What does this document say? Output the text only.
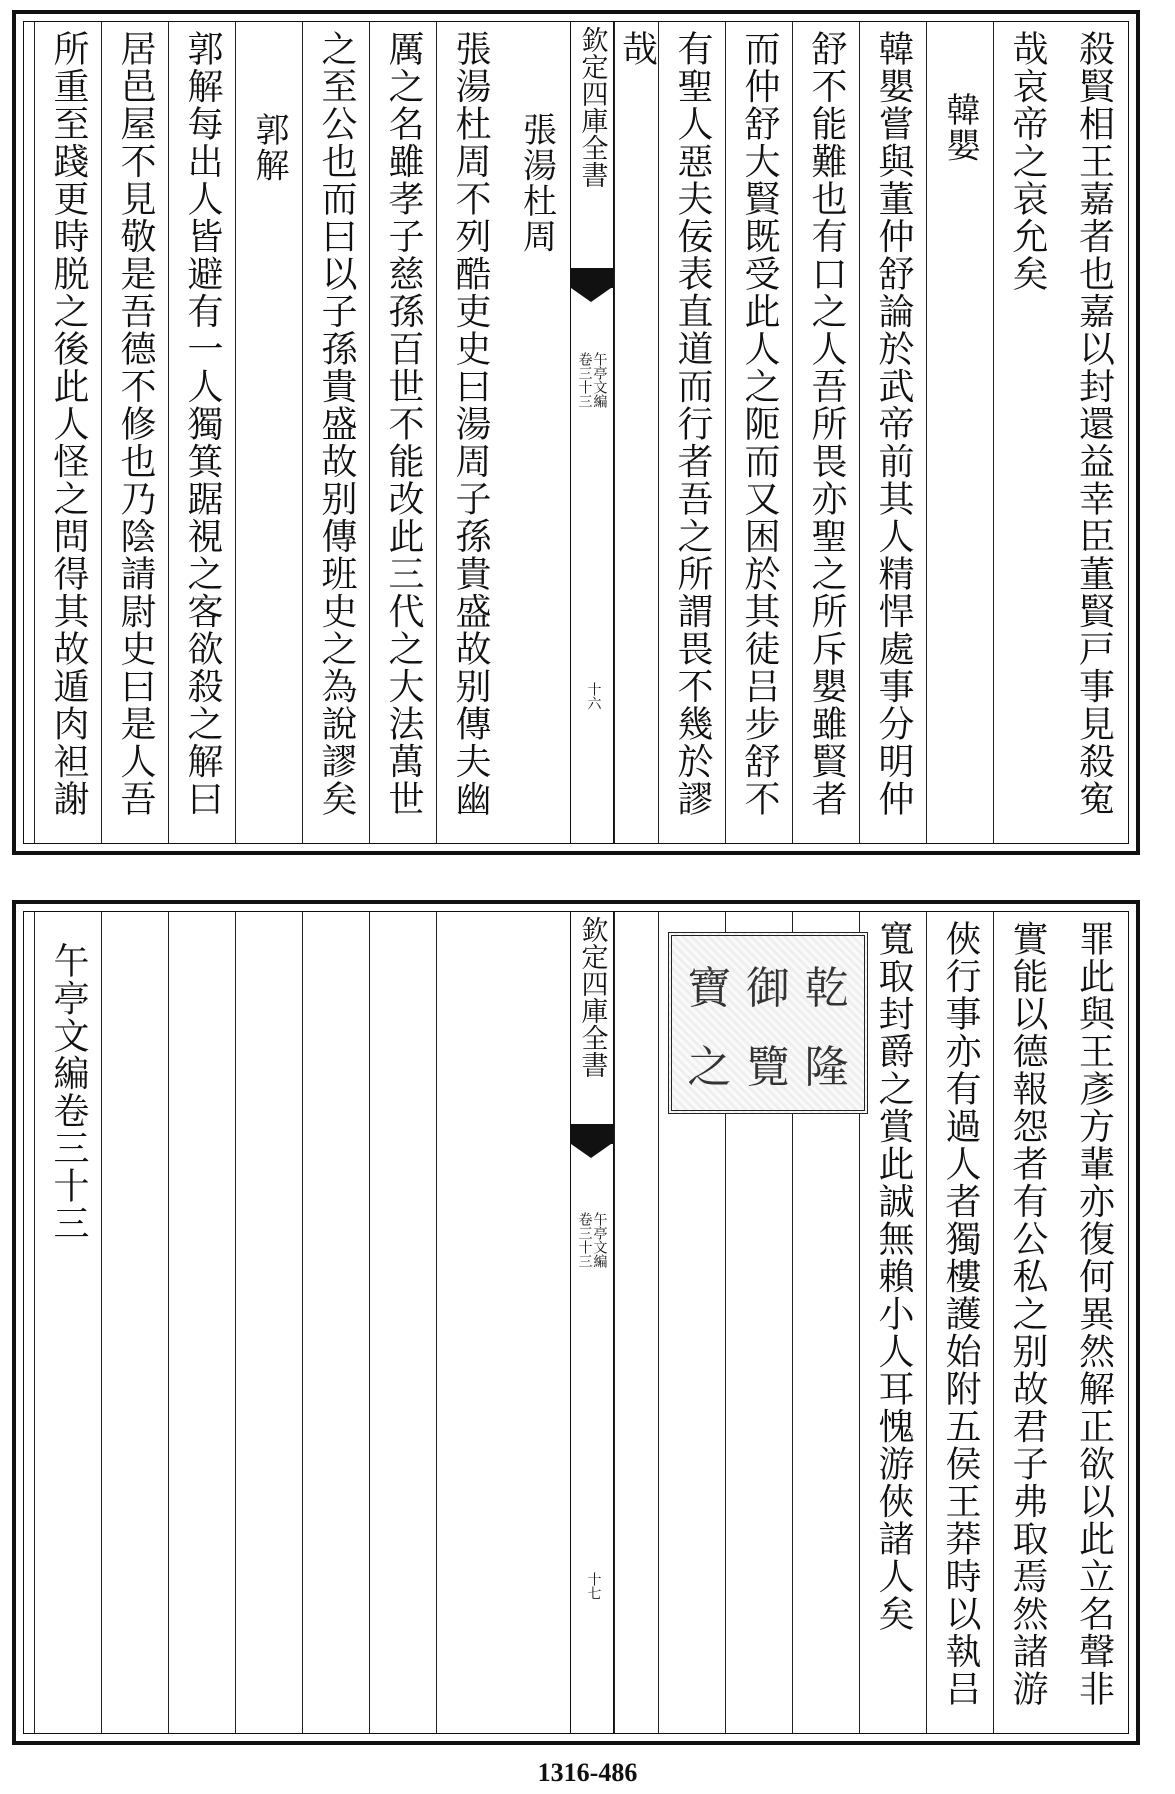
殺賢相王嘉者也嘉以封還益幸臣董賢戸事見殺寃
哉哀帝之哀允矣
韓嬰
韓嬰嘗與董仲舒論於武帝前其人精悍處事分明仲
舒不能難也有口之人吾所畏亦聖之所斥嬰雖賢者
而仲舒大賢既受此人之阨而又困於其徒吕步舒不
有聖人惡夫佞表直道而行者吾之所謂畏不幾於謬
哉
欽定四庫全書
午亭文編
卷三十三
十六
張湯杜周
張湯杜周不列酷吏史曰湯周子孫貴盛故别傳夫幽
厲之名雖孝子慈孫百世不能改此三代之大法萬世
之至公也而曰以子孫貴盛故别傳班史之為說謬矣
郭解
郭解每出人皆避有一人獨箕踞視之客欲殺之解曰
居邑屋不見敬是吾德不修也乃陰請尉史曰是人吾
所重至踐更時脱之後此人怪之問得其故遁肉袒謝
罪此與王彥方輩亦復何異然解正欲以此立名聲非
實能以德報怨者有公私之别故君子弗取焉然諸游
俠行事亦有過人者獨樓護始附五侯王莽時以執吕
寬取封爵之賞此誠無賴小人耳愧游俠諸人矣
寶 御 乾
之 覽 隆
欽定四庫全書
午亭文編
卷三十三
十七
午亭文編卷三十三
1316-486
